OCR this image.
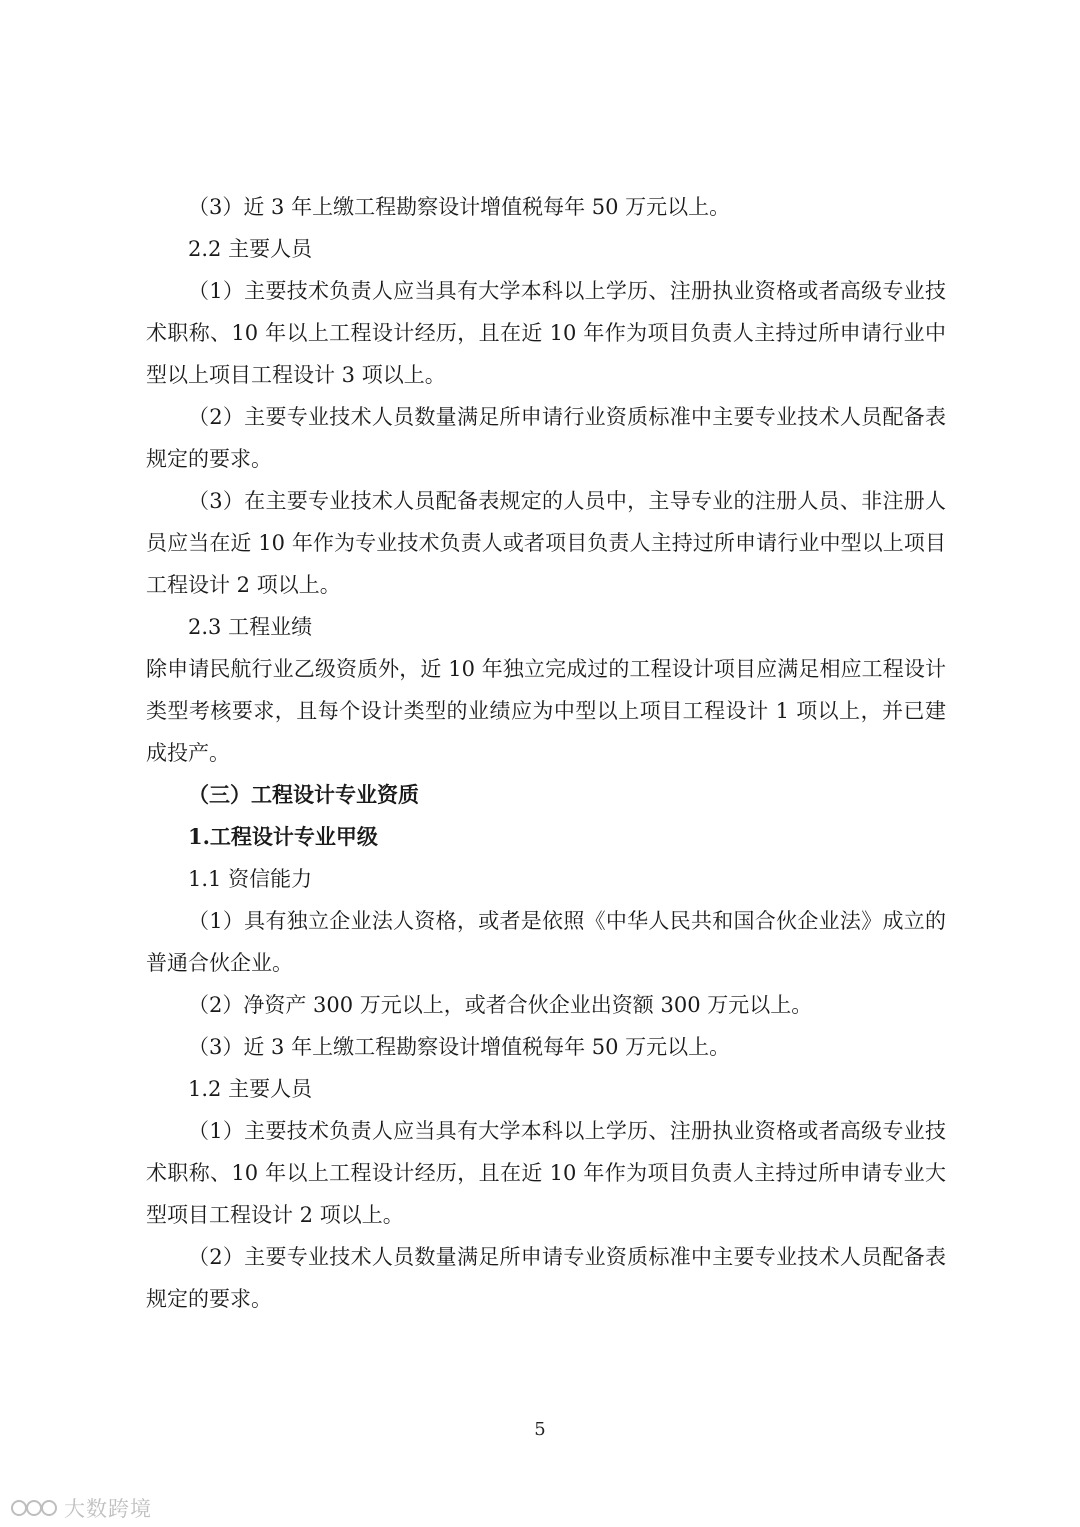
（3）近 3 年上缴工程勘察设计增值税每年 50 万元以上。

2.2 主要人员

（1）主要技术负责人应当具有大学本科以上学历、注册执业资格或者高级专业技术职称、10 年以上工程设计经历，且在近 10 年作为项目负责人主持过所申请行业中型以上项目工程设计 3 项以上。

（2）主要专业技术人员数量满足所申请行业资质标准中主要专业技术人员配备表规定的要求。

（3）在主要专业技术人员配备表规定的人员中，主导专业的注册人员、非注册人员应当在近 10 年作为专业技术负责人或者项目负责人主持过所申请行业中型以上项目工程设计 2 项以上。

2.3 工程业绩

除申请民航行业乙级资质外，近 10 年独立完成过的工程设计项目应满足相应工程设计类型考核要求，且每个设计类型的业绩应为中型以上项目工程设计 1 项以上，并已建成投产。

（三）工程设计专业资质

1.工程设计专业甲级

1.1 资信能力

（1）具有独立企业法人资格，或者是依照《中华人民共和国合伙企业法》成立的普通合伙企业。

（2）净资产 300 万元以上，或者合伙企业出资额 300 万元以上。

（3）近 3 年上缴工程勘察设计增值税每年 50 万元以上。

1.2 主要人员

（1）主要技术负责人应当具有大学本科以上学历、注册执业资格或者高级专业技术职称、10 年以上工程设计经历，且在近 10 年作为项目负责人主持过所申请专业大型项目工程设计 2 项以上。

（2）主要专业技术人员数量满足所申请专业资质标准中主要专业技术人员配备表规定的要求。

5
大数跨境
